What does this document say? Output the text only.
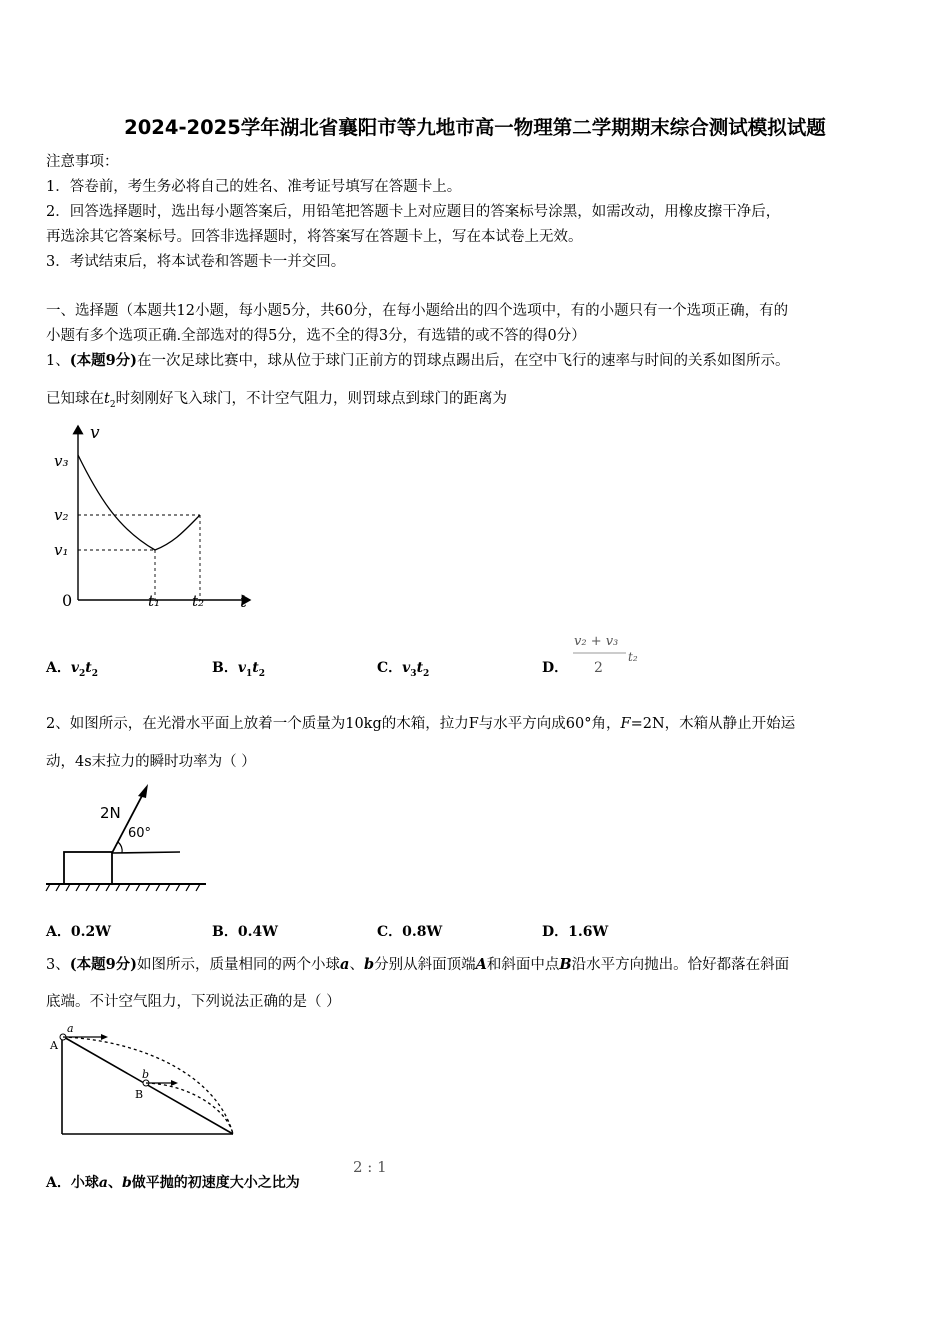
2024-2025学年湖北省襄阳市等九地市高一物理第二学期期末综合测试模拟试题
注意事项：
1．答卷前，考生务必将自己的姓名、准考证号填写在答题卡上。
2．回答选择题时，选出每小题答案后，用铅笔把答题卡上对应题目的答案标号涂黑，如需改动，用橡皮擦干净后，
再选涂其它答案标号。回答非选择题时，将答案写在答题卡上，写在本试卷上无效。
3．考试结束后，将本试卷和答题卡一并交回。
一、选择题（本题共12小题，每小题5分，共60分，在每小题给出的四个选项中，有的小题只有一个选项正确，有的
小题有多个选项正确.全部选对的得5分，选不全的得3分，有选错的或不答的得0分）
1、(本题9分)在一次足球比赛中，球从位于球门正前方的罚球点踢出后，在空中飞行的速率与时间的关系如图所示。
已知球在$t_2$时刻刚好飞入球门，不计空气阻力，则罚球点到球门的距离为
v
t
0
v₃
v₂
v₁
t₁ t₂
A．$v_2t_2$	B．$v_1t_2$	C．$v_3t_2$	D．
v₂ + v₃
2
t₂
2、如图所示，在光滑水平面上放着一个质量为10kg的木箱，拉力F与水平方向成60°角，F=2N，木箱从静止开始运
动，4s末拉力的瞬时功率为（ ）
2N
60°
A．0.2W	B．0.4W	C．0.8W	D．1.6W
3、(本题9分)如图所示，质量相同的两个小球a、b分别从斜面顶端A和斜面中点B沿水平方向抛出。恰好都落在斜面
底端。不计空气阻力，下列说法正确的是（ ）
a
A
b
B
A．小球a、b做平抛的初速度大小之比为
2 : 1
